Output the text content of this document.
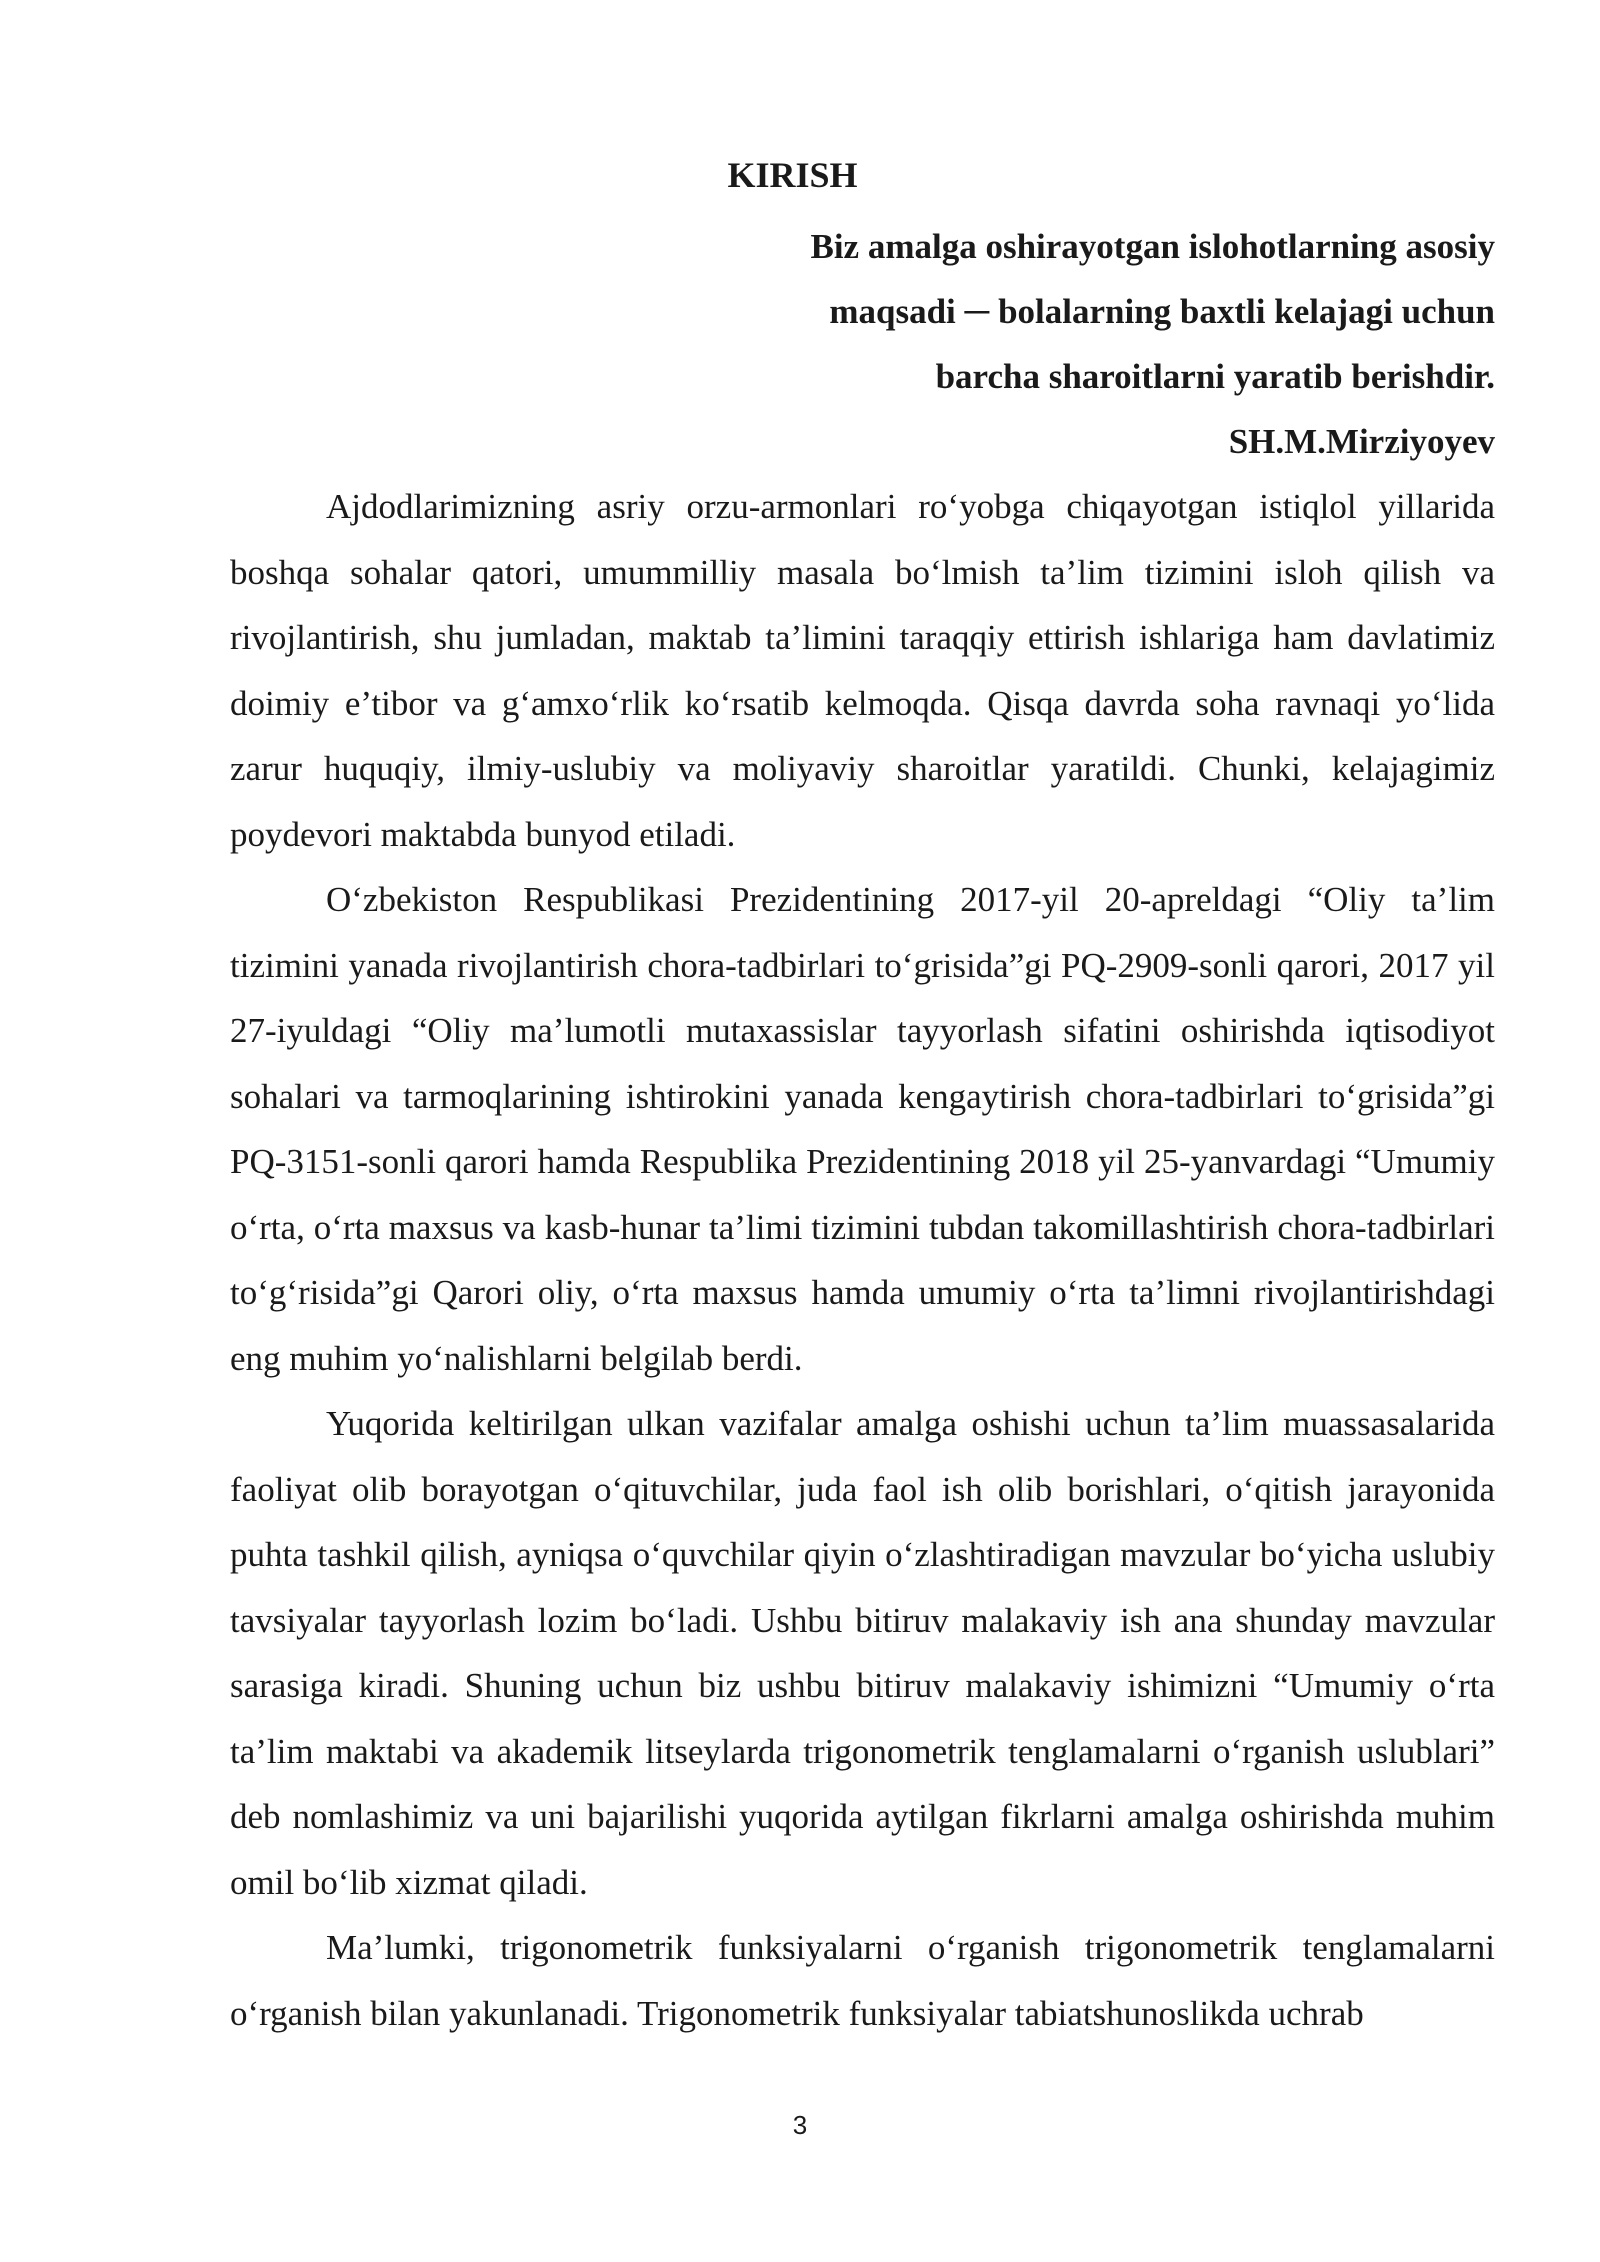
KIRISH
Biz amalga oshirayotgan islohotlarning asosiy
maqsadi ─ bolalarning baxtli kelajagi uchun
barcha sharoitlarni yaratib berishdir.
SH.M.Mirziyoyev

Ajdodlarimizning asriy orzu-armonlari ro‘yobga chiqayotgan istiqlol yillarida boshqa sohalar qatori, umummilliy masala bo‘lmish ta’lim tizimini isloh qilish va rivojlantirish, shu jumladan, maktab ta’limini taraqqiy ettirish ishlariga ham davlatimiz doimiy e’tibor va g‘amxo‘rlik ko‘rsatib kelmoqda. Qisqa davrda soha ravnaqi yo‘lida zarur huquqiy, ilmiy-uslubiy va moliyaviy sharoitlar yaratildi. Chunki, kelajagimiz poydevori maktabda bunyod etiladi.

O‘zbekiston Respublikasi Prezidentining 2017-yil 20-apreldagi “Oliy ta’lim tizimini yanada rivojlantirish chora-tadbirlari to‘grisida”gi PQ-2909-sonli qarori, 2017 yil 27-iyuldagi “Oliy ma’lumotli mutaxassislar tayyorlash sifatini oshirishda iqtisodiyot sohalari va tarmoqlarining ishtirokini yanada kengaytirish chora-tadbirlari to‘grisida”gi PQ-3151-sonli qarori hamda Respublika Prezidentining 2018 yil 25-yanvardagi “Umumiy o‘rta, o‘rta maxsus va kasb-hunar ta’limi tizimini tubdan takomillashtirish chora-tadbirlari to‘g‘risida”gi Qarori oliy, o‘rta maxsus hamda umumiy o‘rta ta’limni rivojlantirishdagi eng muhim yo‘nalishlarni belgilab berdi.

Yuqorida keltirilgan ulkan vazifalar amalga oshishi uchun ta’lim muassasalarida faoliyat olib borayotgan o‘qituvchilar, juda faol ish olib borishlari, o‘qitish jarayonida puhta tashkil qilish, ayniqsa o‘quvchilar qiyin o‘zlashtiradigan mavzular bo‘yicha uslubiy tavsiyalar tayyorlash lozim bo‘ladi. Ushbu bitiruv malakaviy ish ana shunday mavzular sarasiga kiradi. Shuning uchun biz ushbu bitiruv malakaviy ishimizni “Umumiy o‘rta ta’lim maktabi va akademik litseylarda trigonometrik tenglamalarni o‘rganish uslublari” deb nomlashimiz va uni bajarilishi yuqorida aytilgan fikrlarni amalga oshirishda muhim omil bo‘lib xizmat qiladi.

Ma’lumki, trigonometrik funksiyalarni o‘rganish trigonometrik tenglamalarni o‘rganish bilan yakunlanadi. Trigonometrik funksiyalar tabiatshunoslikda uchrab

3
